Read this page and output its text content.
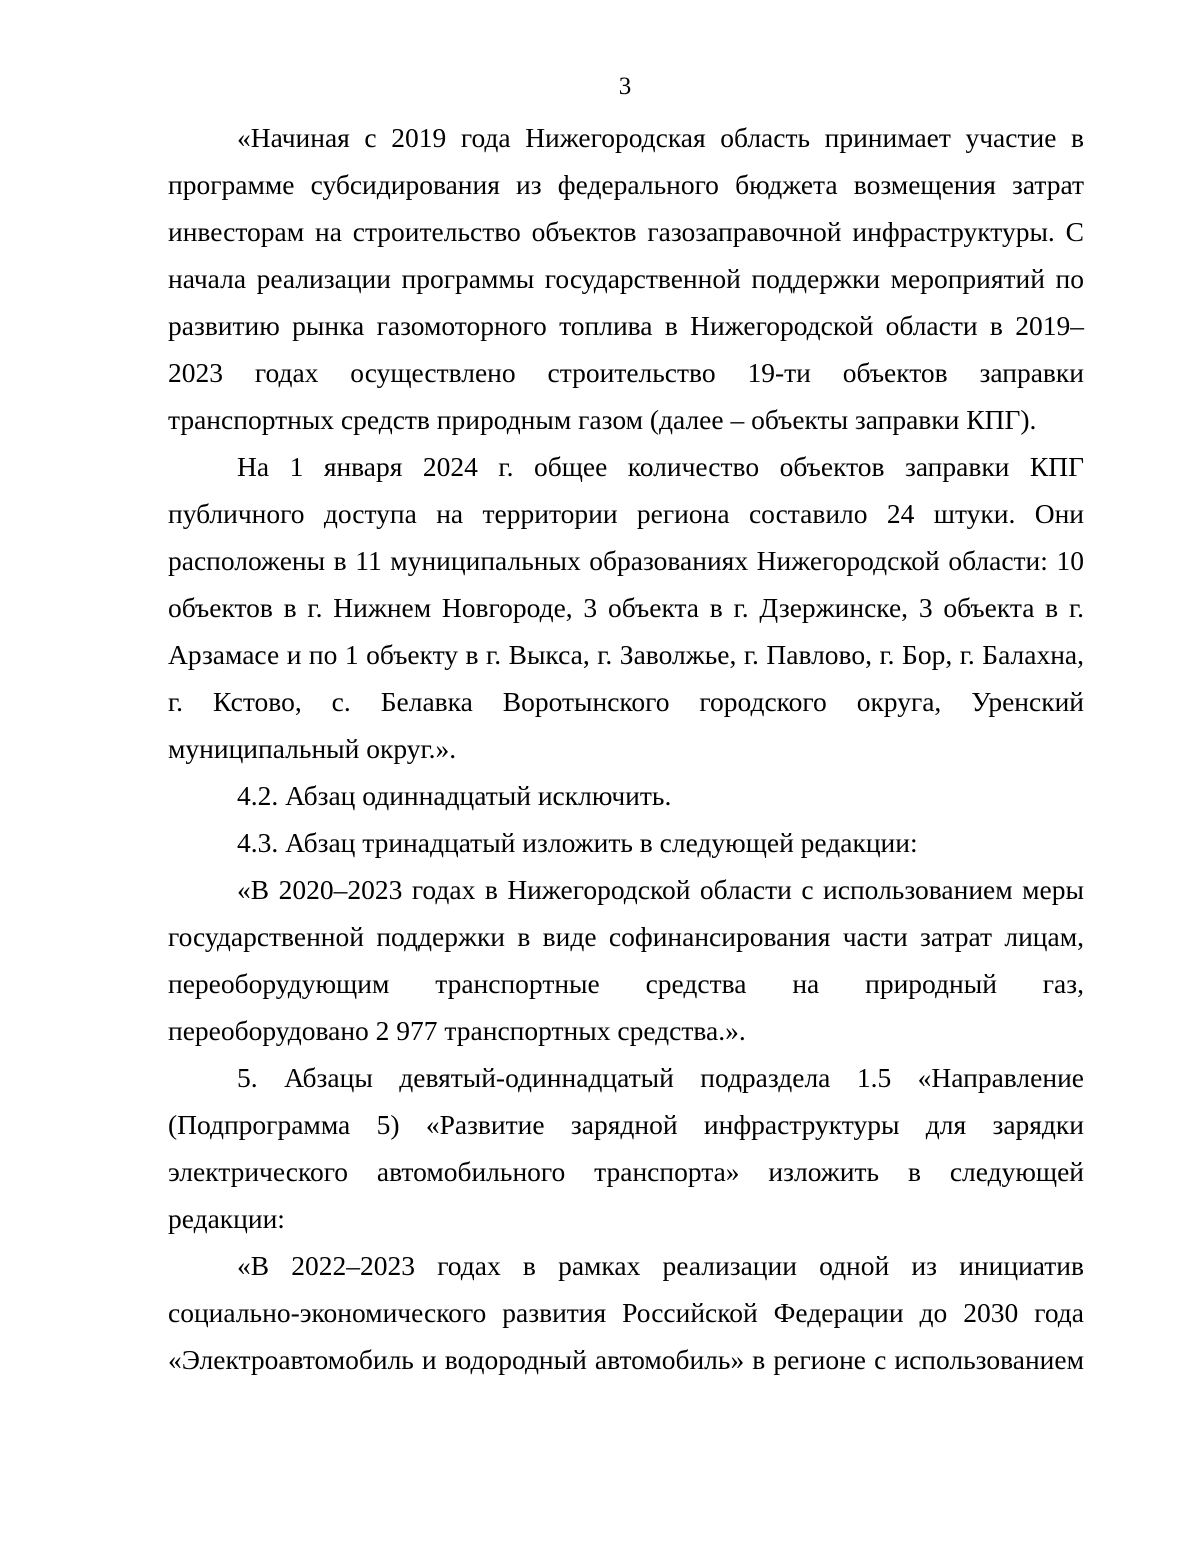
3

«Начиная с 2019 года Нижегородская область принимает участие в программе субсидирования из федерального бюджета возмещения затрат инвесторам на строительство объектов газозаправочной инфраструктуры. С начала реализации программы государственной поддержки мероприятий по развитию рынка газомоторного топлива в Нижегородской области в 2019–2023 годах осуществлено строительство 19-ти объектов заправки транспортных средств природным газом (далее – объекты заправки КПГ).

На 1 января 2024 г. общее количество объектов заправки КПГ публичного доступа на территории региона составило 24 штуки. Они расположены в 11 муниципальных образованиях Нижегородской области: 10 объектов в г. Нижнем Новгороде, 3 объекта в г. Дзержинске, 3 объекта в г. Арзамасе и по 1 объекту в г. Выкса, г. Заволжье, г. Павлово, г. Бор, г. Балахна, г. Кстово, с. Белавка Воротынского городского округа, Уренский муниципальный округ.».

4.2. Абзац одиннадцатый исключить.

4.3. Абзац тринадцатый изложить в следующей редакции:

«В 2020–2023 годах в Нижегородской области с использованием меры государственной поддержки в виде софинансирования части затрат лицам, переоборудующим транспортные средства на природный газ, переоборудовано 2 977 транспортных средства.».

5. Абзацы девятый-одиннадцатый подраздела 1.5 «Направление (Подпрограмма 5) «Развитие зарядной инфраструктуры для зарядки электрического автомобильного транспорта» изложить в следующей редакции:

«В 2022–2023 годах в рамках реализации одной из инициатив социально-экономического развития Российской Федерации до 2030 года «Электроавтомобиль и водородный автомобиль» в регионе с использованием
